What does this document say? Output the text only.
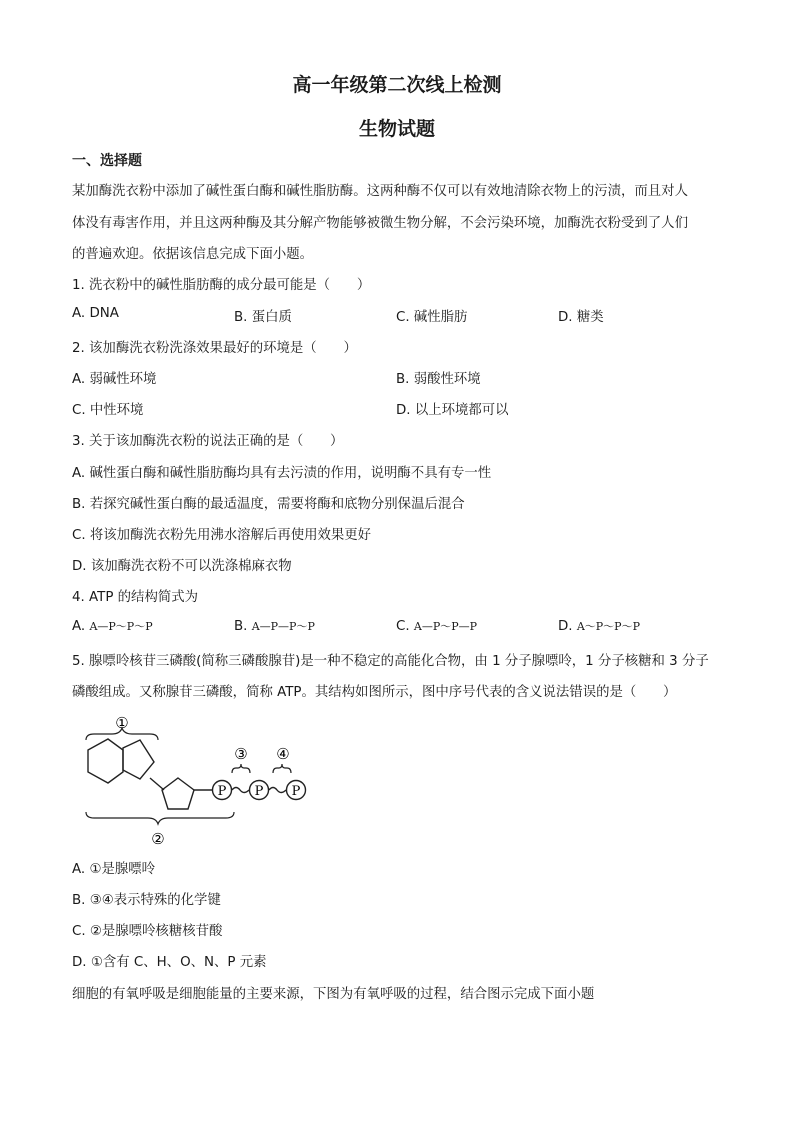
高一年级第二次线上检测
生物试题
一、选择题
某加酶洗衣粉中添加了碱性蛋白酶和碱性脂肪酶。这两种酶不仅可以有效地清除衣物上的污渍，而且对人
体没有毒害作用，并且这两种酶及其分解产物能够被微生物分解，不会污染环境，加酶洗衣粉受到了人们
的普遍欢迎。依据该信息完成下面小题。
1. 洗衣粉中的碱性脂肪酶的成分最可能是（　　）
A. DNA	B. 蛋白质	C. 碱性脂肪	D. 糖类
2. 该加酶洗衣粉洗涤效果最好的环境是（　　）
A. 弱碱性环境	B. 弱酸性环境
C. 中性环境	D. 以上环境都可以
3. 关于该加酶洗衣粉的说法正确的是（　　）
A. 碱性蛋白酶和碱性脂肪酶均具有去污渍的作用，说明酶不具有专一性
B. 若探究碱性蛋白酶的最适温度，需要将酶和底物分别保温后混合
C. 将该加酶洗衣粉先用沸水溶解后再使用效果更好
D. 该加酶洗衣粉不可以洗涤棉麻衣物
4. ATP 的结构简式为
A. A—P～P～P	B. A—P—P～P	C. A—P～P—P	D. A～P～P～P
5. 腺嘌呤核苷三磷酸(简称三磷酸腺苷)是一种不稳定的高能化合物，由 1 分子腺嘌呤，1 分子核糖和 3 分子
磷酸组成。又称腺苷三磷酸，简称 ATP。其结构如图所示，图中序号代表的含义说法错误的是（　　）
①
P P P
③ ④
②
A. ①是腺嘌呤
B. ③④表示特殊的化学键
C. ②是腺嘌呤核糖核苷酸
D. ①含有 C、H、O、N、P 元素
细胞的有氧呼吸是细胞能量的主要来源，下图为有氧呼吸的过程，结合图示完成下面小题
